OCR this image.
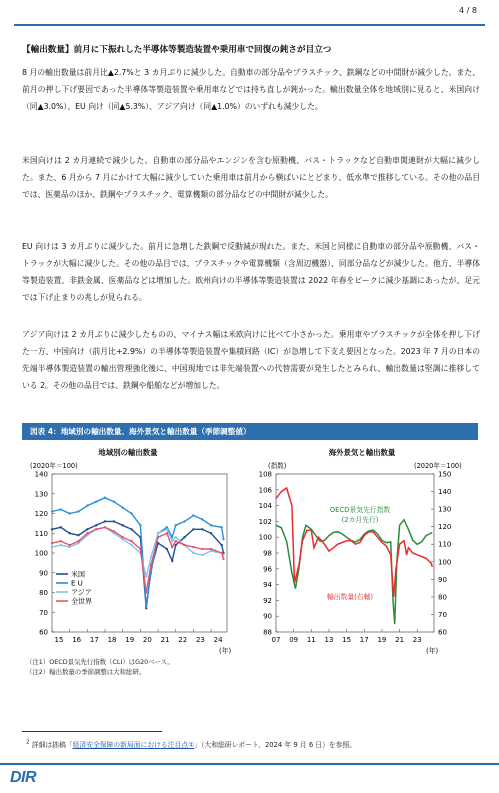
4 / 8
【輸出数量】前月に下振れした半導体等製造装置や乗用車で回復の鈍さが目立つ
8 月の輸出数量は前月比▲2.7%と 3 カ月ぶりに減少した。自動車の部分品やプラスチック、鉄鋼などの中間財が減少した。また、前月の押し下げ要因であった半導体等製造装置や乗用車などでは持ち直しが鈍かった。輸出数量全体を地域別に見ると、米国向け（同▲3.0%）、EU 向け（同▲5.3%）、アジア向け（同▲1.0%）のいずれも減少した。
米国向けは 2 カ月連続で減少した。自動車の部分品やエンジンを含む原動機、バス・トラックなど自動車関連財が大幅に減少した。また、6 月から 7 月にかけて大幅に減少していた乗用車は前月から横ばいにとどまり、低水準で推移している。その他の品目では、医薬品のほか、鉄鋼やプラスチック、電算機類の部分品などの中間財が減少した。
EU 向けは 3 カ月ぶりに減少した。前月に急増した鉄鋼で反動減が現れた。また、米国と同様に自動車の部分品や原動機、バス・トラックが大幅に減少した。その他の品目では、プラスチックや電算機類（含周辺機器）、同部分品などが減少した。他方、半導体等製造装置、非鉄金属、医薬品などは増加した。欧州向けの半導体等製造装置は 2022 年春をピークに減少基調にあったが、足元では下げ止まりの兆しが見られる。
アジア向けは 2 カ月ぶりに減少したものの、マイナス幅は米欧向けに比べて小さかった。乗用車やプラスチックが全体を押し下げた一方、中国向け（前月比+2.9%）の半導体等製造装置や集積回路（IC）が急増して下支え要因となった。2023 年 7 月の日本の先端半導体製造装置の輸出管理強化後に、中国現地では非先端装置への代替需要が発生したとみられ、輸出数量は堅調に推移している 2。その他の品目では、鉄鋼や船舶などが増加した。
図表 4：地域別の輸出数量、海外景気と輸出数量（季節調整値）
地域別の輸出数量	海外景気と輸出数量
(2020年＝100)
60
70
80
90
100
110
120
130
140
15 16 17 18 19 20 21 22 23 24
(年)
米国
E U
アジア
全世界
(指数)	(2020年＝100)
88
90
92
94
96
98
100
102
104
106
108
60
70
80
90
100
110
120
130
140
150
07 09 11 13 15 17 19 21 23
(年)
OECD景気先行指数
(2カ月先行)
輸出数量(右軸)
（注1）OECD景気先行指数（CLI）はG20ベース。
（注2）輸出数量の季節調整は大和総研。
$^2$ 詳細は拙稿「経済安全保障の新局面における注目点①」（大和総研レポート、2024 年 9 月 6 日）を参照。
DIR
